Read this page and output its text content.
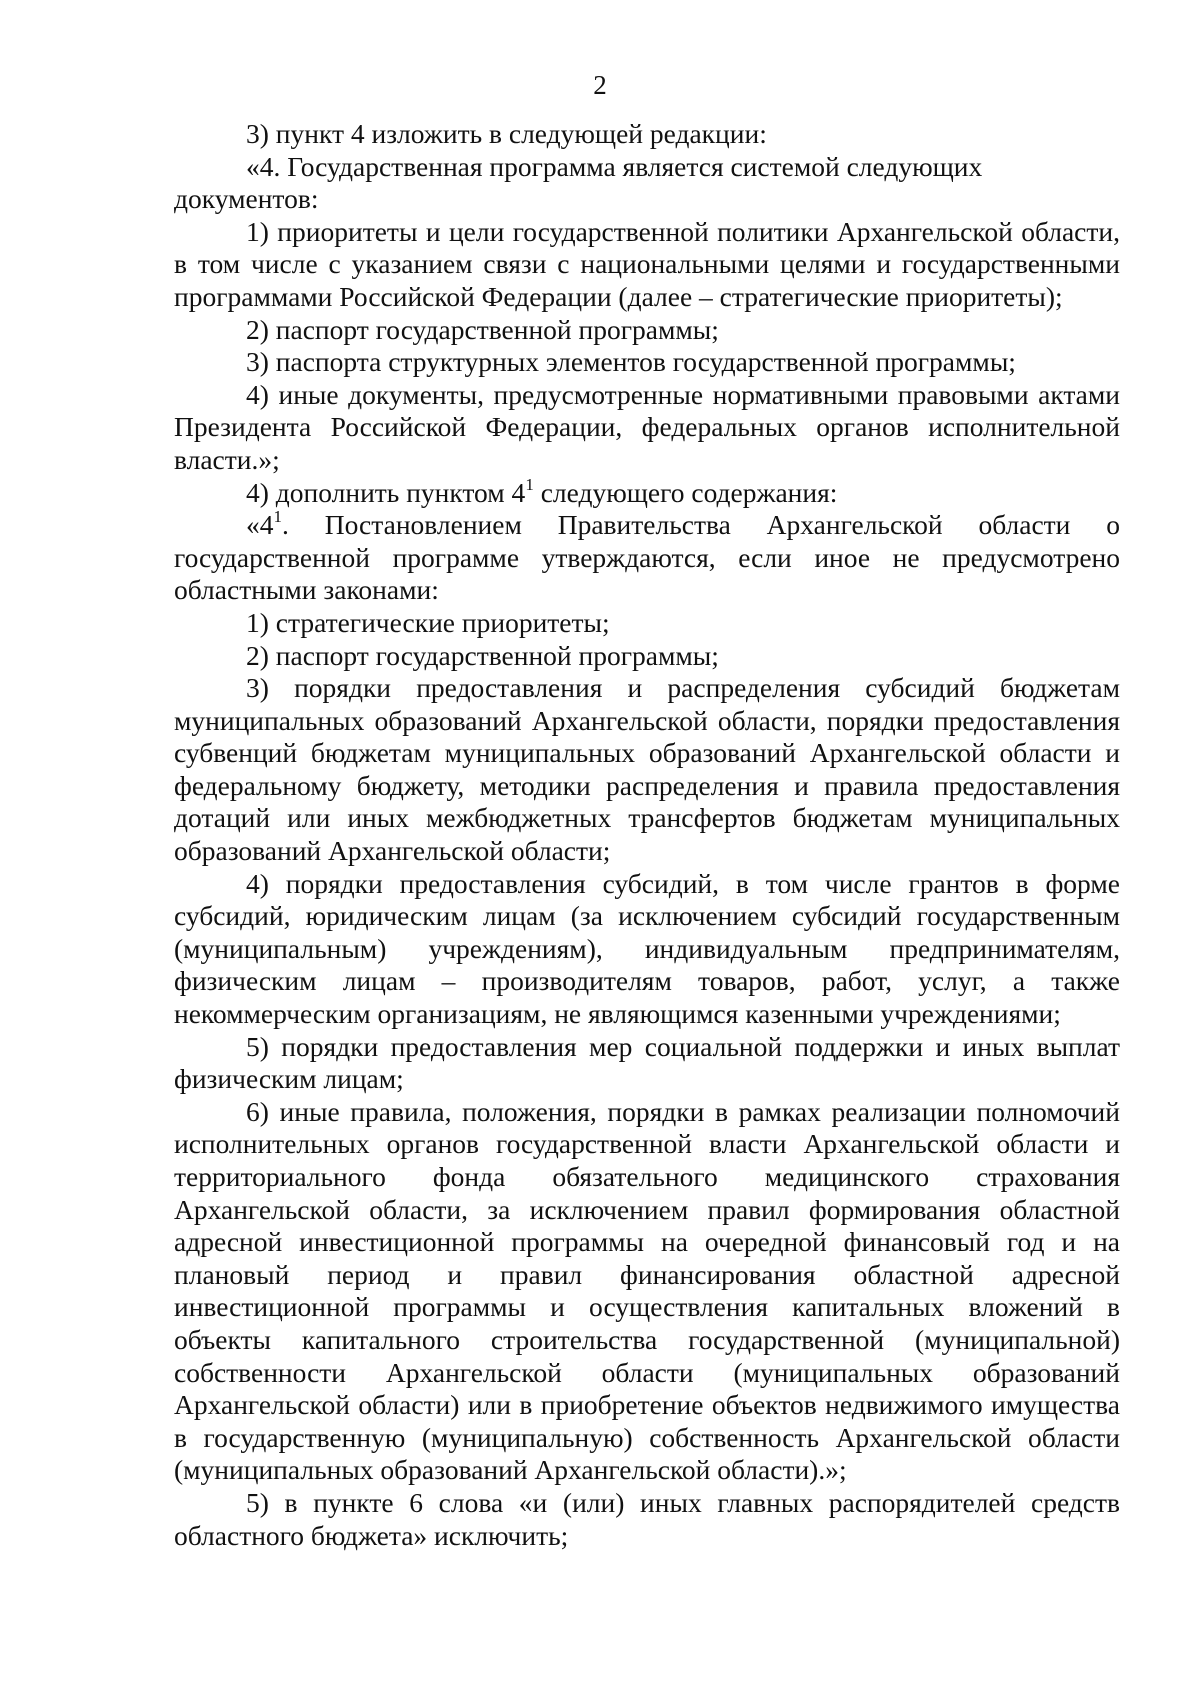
2

3) пункт 4 изложить в следующей редакции:

«4. Государственная программа является системой следующих документов:

1) приоритеты и цели государственной политики Архангельской области, в том числе с указанием связи с национальными целями и государственными программами Российской Федерации (далее – стратегические приоритеты);

2) паспорт государственной программы;

3) паспорта структурных элементов государственной программы;

4) иные документы, предусмотренные нормативными правовыми актами Президента Российской Федерации, федеральных органов исполнительной власти.»;

4) дополнить пунктом $4^1$ следующего содержания:

«$4^1$. Постановлением Правительства Архангельской области о государственной программе утверждаются, если иное не предусмотрено областными законами:

1) стратегические приоритеты;

2) паспорт государственной программы;

3) порядки предоставления и распределения субсидий бюджетам муниципальных образований Архангельской области, порядки предоставления субвенций бюджетам муниципальных образований Архангельской области и федеральному бюджету, методики распределения и правила предоставления дотаций или иных межбюджетных трансфертов бюджетам муниципальных образований Архангельской области;

4) порядки предоставления субсидий, в том числе грантов в форме субсидий, юридическим лицам (за исключением субсидий государственным (муниципальным) учреждениям), индивидуальным предпринимателям, физическим лицам – производителям товаров, работ, услуг, а также некоммерческим организациям, не являющимся казенными учреждениями;

5) порядки предоставления мер социальной поддержки и иных выплат физическим лицам;

6) иные правила, положения, порядки в рамках реализации полномочий исполнительных органов государственной власти Архангельской области и территориального фонда обязательного медицинского страхования Архангельской области, за исключением правил формирования областной адресной инвестиционной программы на очередной финансовый год и на плановый период и правил финансирования областной адресной инвестиционной программы и осуществления капитальных вложений в объекты капитального строительства государственной (муниципальной) собственности Архангельской области (муниципальных образований Архангельской области) или в приобретение объектов недвижимого имущества в государственную (муниципальную) собственность Архангельской области (муниципальных образований Архангельской области).»;

5) в пункте 6 слова «и (или) иных главных распорядителей средств областного бюджета» исключить;
